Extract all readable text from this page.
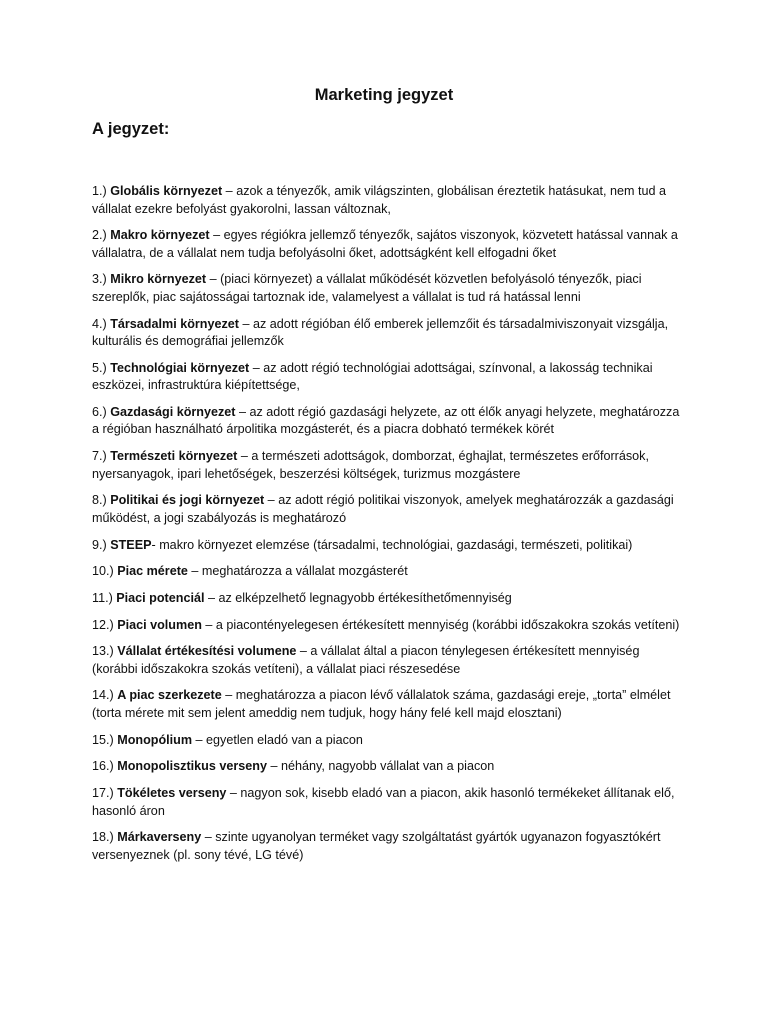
Marketing jegyzet
A jegyzet:

1.) Globális környezet – azok a tényezők, amik világszinten, globálisan éreztetik hatásukat, nem tud a vállalat ezekre befolyást gyakorolni, lassan változnak,

2.) Makro környezet – egyes régiókra jellemző tényezők, sajátos viszonyok, közvetett hatással vannak a vállalatra, de a vállalat nem tudja befolyásolni őket, adottságként kell elfogadni őket

3.) Mikro környezet – (piaci környezet) a vállalat működését közvetlen befolyásoló tényezők, piaci szereplők, piac sajátosságai tartoznak ide, valamelyest a vállalat is tud rá hatással lenni

4.) Társadalmi környezet – az adott régióban élő emberek jellemzőit és társadalmiviszonyait vizsgálja, kulturális és demográfiai jellemzők

5.) Technológiai környezet – az adott régió technológiai adottságai, színvonal, a lakosság technikai eszközei, infrastruktúra kiépítettsége,

6.) Gazdasági környezet – az adott régió gazdasági helyzete, az ott élők anyagi helyzete, meghatározza a régióban használható árpolitika mozgásterét, és a piacra dobható termékek körét

7.) Természeti környezet – a természeti adottságok, domborzat, éghajlat, természetes erőforrások, nyersanyagok, ipari lehetőségek, beszerzési költségek, turizmus mozgástere

8.) Politikai és jogi környezet – az adott régió politikai viszonyok, amelyek meghatározzák a gazdasági működést, a jogi szabályozás is meghatározó

9.) STEEP- makro környezet elemzése (társadalmi, technológiai, gazdasági, természeti, politikai)

10.) Piac mérete – meghatározza a vállalat mozgásterét

11.) Piaci potenciál – az elképzelhető legnagyobb értékesíthetőmennyiség

12.) Piaci volumen – a piacontényelegesen értékesített mennyiség (korábbi időszakokra szokás vetíteni)

13.) Vállalat értékesítési volumene – a vállalat által a piacon ténylegesen értékesített mennyiség (korábbi időszakokra szokás vetíteni), a vállalat piaci részesedése

14.) A piac szerkezete – meghatározza a piacon lévő vállalatok száma, gazdasági ereje, „torta” elmélet (torta mérete mit sem jelent ameddig nem tudjuk, hogy hány felé kell majd elosztani)

15.) Monopólium – egyetlen eladó van a piacon

16.) Monopolisztikus verseny – néhány, nagyobb vállalat van a piacon

17.) Tökéletes verseny – nagyon sok, kisebb eladó van a piacon, akik hasonló termékeket állítanak elő, hasonló áron

18.) Márkaverseny – szinte ugyanolyan terméket vagy szolgáltatást gyártók ugyanazon fogyasztókért versenyeznek (pl. sony tévé, LG tévé)
